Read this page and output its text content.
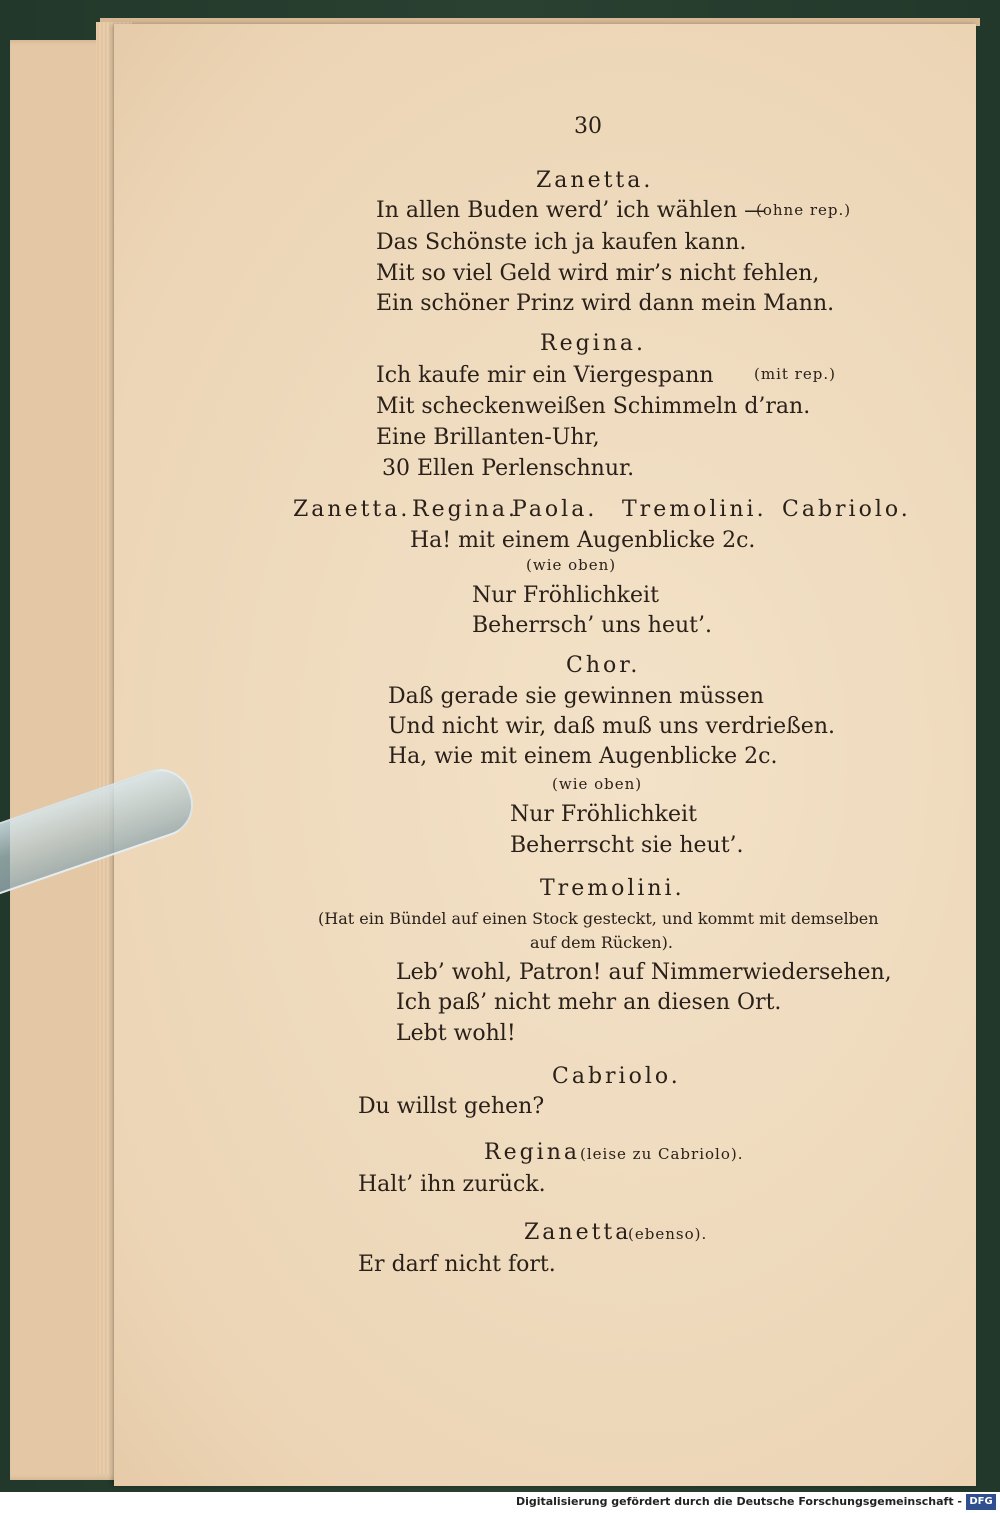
30
Zanetta.
In allen Buden werd’ ich wählen —
(ohne rep.)
Das Schönste ich ja kaufen kann.
Mit so viel Geld wird mir’s nicht fehlen,
Ein schöner Prinz wird dann mein Mann.
Regina.
Ich kaufe mir ein Viergespann	(mit rep.)
Mit scheckenweißen Schimmeln d’ran.
Eine Brillanten-Uhr,
30 Ellen Perlenschnur.
Zanetta. Regina.
Paola. Tremolini. Cabriolo.
Ha! mit einem Augenblicke 2c.
(wie oben)
Nur Fröhlichkeit
Beherrsch’ uns heut’.
Chor.
Daß gerade sie gewinnen müssen
Und nicht wir, daß muß uns verdrießen.
Ha, wie mit einem Augenblicke 2c.
(wie oben)
Nur Fröhlichkeit
Beherrscht sie heut’.
Tremolini.
(Hat ein Bündel auf einen Stock gesteckt, und kommt mit demselben
auf dem Rücken).
Leb’ wohl, Patron! auf Nimmerwiedersehen,
Ich paß’ nicht mehr an diesen Ort.
Lebt wohl!
Cabriolo.
Du willst gehen?
Regina (leise zu Cabriolo).
Halt’ ihn zurück.
Zanetta
(ebenso).
Er darf nicht fort.
Digitalisierung gefördert durch die Deutsche Forschungsgemeinschaft - DFG
